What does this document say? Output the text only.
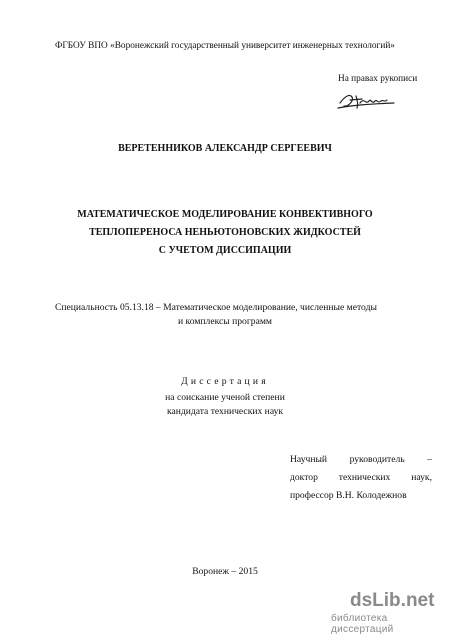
ФГБОУ ВПО «Воронежский государственный университет инженерных технологий»
На правах рукописи
ВЕРЕТЕННИКОВ АЛЕКСАНДР СЕРГЕЕВИЧ
МАТЕМАТИЧЕСКОЕ МОДЕЛИРОВАНИЕ КОНВЕКТИВНОГО
ТЕПЛОПЕРЕНОСА НЕНЬЮТОНОВСКИХ ЖИДКОСТЕЙ
С УЧЕТОМ ДИССИПАЦИИ
Специальность 05.13.18 – Математическое моделирование, численные методы
и комплексы программ
Диссертация
на соискание ученой степени
кандидата технических наук
Научный руководитель –
доктор технических наук,
профессор В.Н. Колодежнов
Воронеж – 2015
dsLib.net
библиотека диссертаций
